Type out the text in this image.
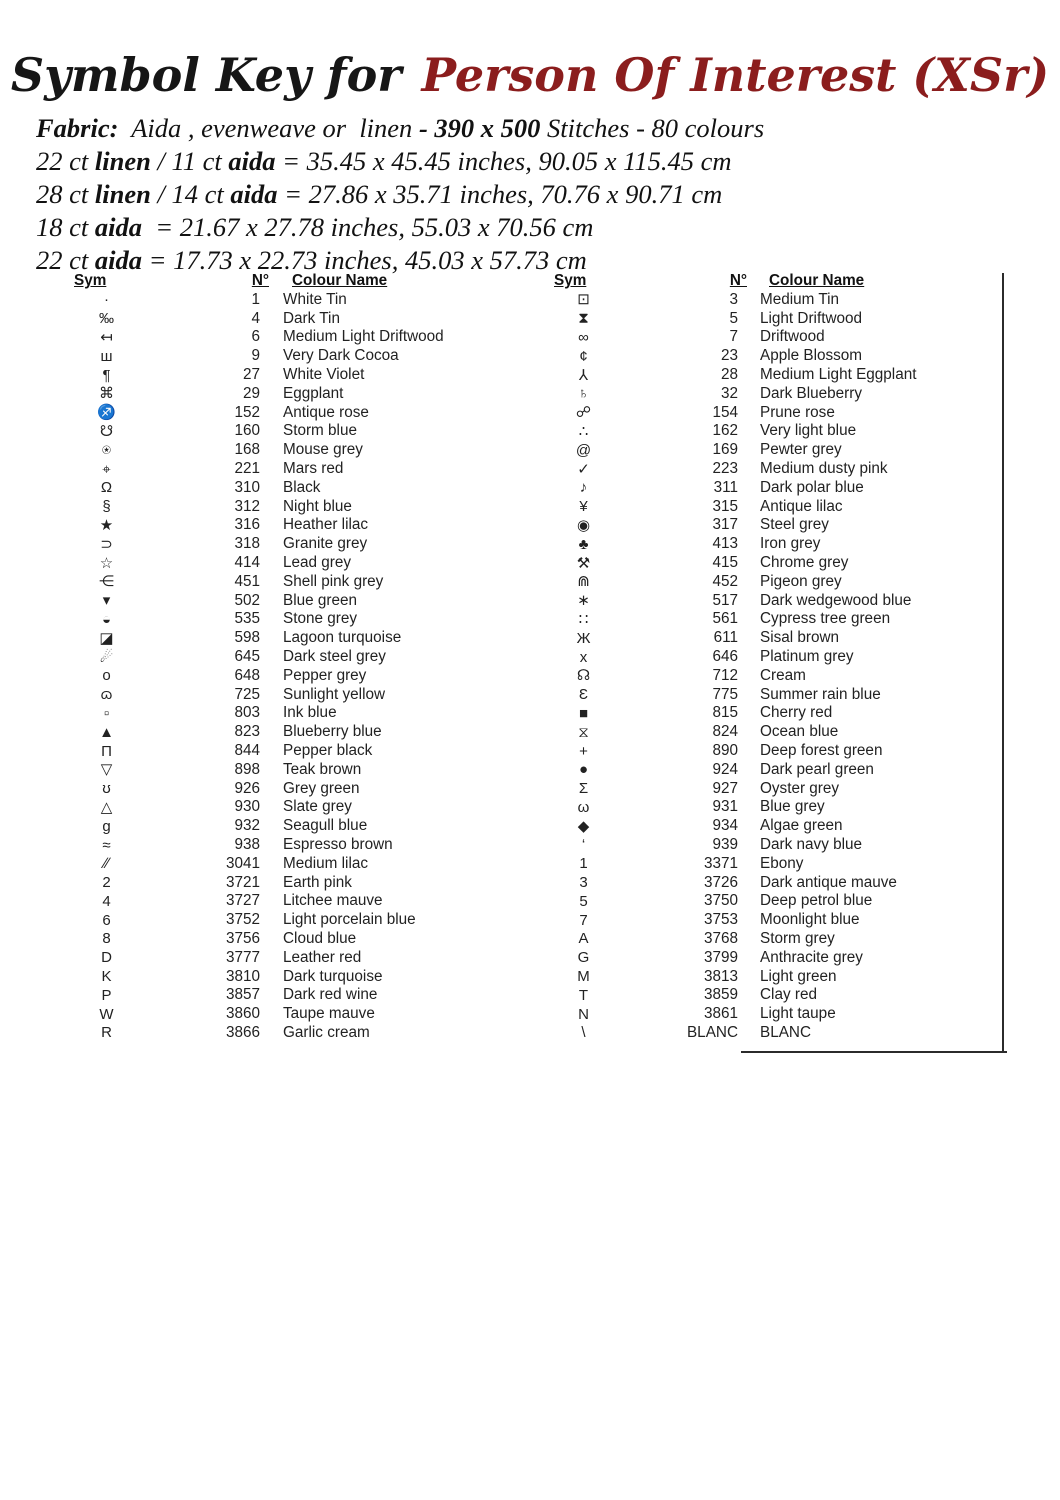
Symbol Key for Person Of Interest (XSr)
Fabric:  Aida , evenweave or  linen - 390 x 500 Stitches - 80 colours
22 ct linen / 11 ct aida = 35.45 x 45.45 inches, 90.05 x 115.45 cm
28 ct linen / 14 ct aida = 27.86 x 35.71 inches, 70.76 x 90.71 cm
18 ct aida  = 21.67 x 27.78 inches, 55.03 x 70.56 cm
22 ct aida = 17.73 x 22.73 inches, 45.03 x 57.73 cm
Sym	N° Colour Name
·	1 White Tin
‰	4 Dark Tin
↤	6 Medium Light Driftwood
ш	9 Very Dark Cocoa
¶	27 White Violet
⌘	29 Eggplant
♐	152 Antique rose
☋	160 Storm blue
⍟	168 Mouse grey
⌖	221 Mars red
Ω	310 Black
§	312 Night blue
★	316 Heather lilac
⊃	318 Granite grey
☆	414 Lead grey
⋲	451 Shell pink grey
▾	502 Blue green
◒	535 Stone grey
◪	598 Lagoon turquoise
☄	645 Dark steel grey
o	648 Pepper grey
ɷ	725 Sunlight yellow
▫	803 Ink blue
▲	823 Blueberry blue
Π	844 Pepper black
▽	898 Teak brown
ʊ	926 Grey green
△	930 Slate grey
g	932 Seagull blue
≈	938 Espresso brown
∕∕	3041 Medium lilac
2	3721 Earth pink
4	3727 Litchee mauve
6	3752 Light porcelain blue
8	3756 Cloud blue
D	3777 Leather red
K	3810 Dark turquoise
P	3857 Dark red wine
W	3860 Taupe mauve
R	3866 Garlic cream
Sym	N° Colour Name
⊡	3 Medium Tin
⧗	5 Light Driftwood
∞	7 Driftwood
¢	23 Apple Blossom
⅄	28 Medium Light Eggplant
♄	32 Dark Blueberry
☍	154 Prune rose
∴	162 Very light blue
@	169 Pewter grey
✓	223 Medium dusty pink
♪	311 Dark polar blue
¥	315 Antique lilac
◉	317 Steel grey
♣	413 Iron grey
⚒	415 Chrome grey
⋒	452 Pigeon grey
∗	517 Dark wedgewood blue
∷	561 Cypress tree green
Ж	611 Sisal brown
x	646 Platinum grey
☊	712 Cream
Ɛ	775 Summer rain blue
■	815 Cherry red
⧖	824 Ocean blue
+	890 Deep forest green
●	924 Dark pearl green
Σ	927 Oyster grey
ω	931 Blue grey
◆	934 Algae green
ʻ	939 Dark navy blue
1	3371 Ebony
3	3726 Dark antique mauve
5	3750 Deep petrol blue
7	3753 Moonlight blue
A	3768 Storm grey
G	3799 Anthracite grey
M	3813 Light green
T	3859 Clay red
N	3861 Light taupe
\	BLANC BLANC
